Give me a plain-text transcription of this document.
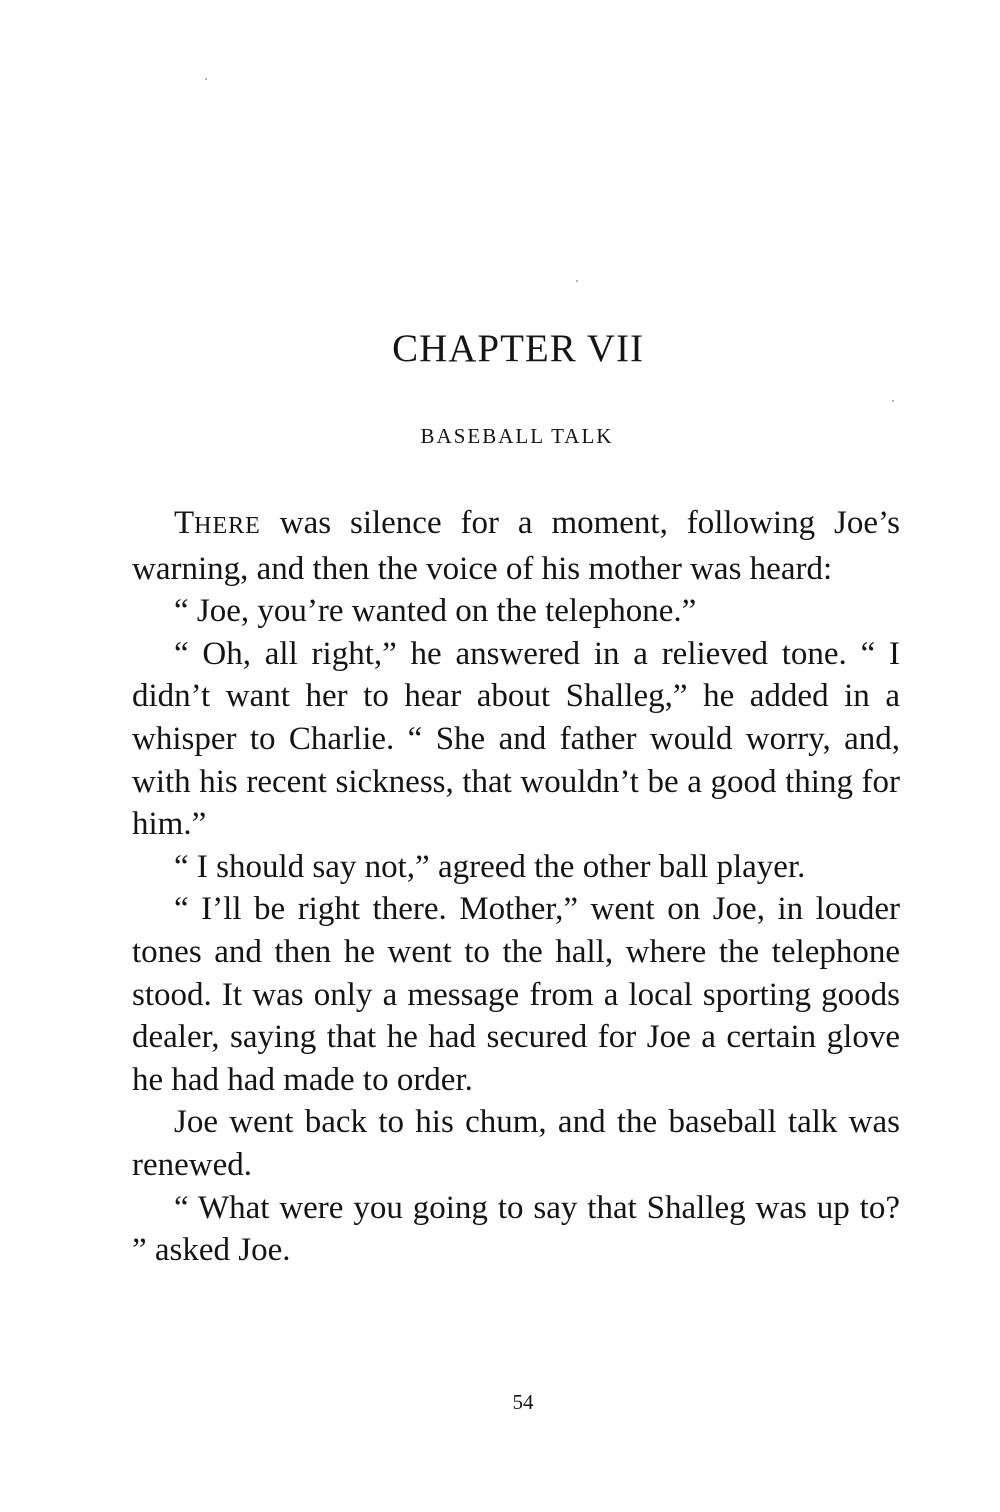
CHAPTER VII
BASEBALL TALK

THERE was silence for a moment, following Joe’s warning, and then the voice of his mother was heard:

“ Joe, you’re wanted on the telephone.”

“ Oh, all right,” he answered in a relieved tone. “ I didn’t want her to hear about Shalleg,” he added in a whisper to Charlie. “ She and father would worry, and, with his recent sickness, that wouldn’t be a good thing for him.”

“ I should say not,” agreed the other ball player.

“ I’ll be right there. Mother,” went on Joe, in louder tones and then he went to the hall, where the telephone stood. It was only a message from a local sporting goods dealer, saying that he had secured for Joe a certain glove he had had made to order.

Joe went back to his chum, and the baseball talk was renewed.

“ What were you going to say that Shalleg was up to? ” asked Joe.

54
